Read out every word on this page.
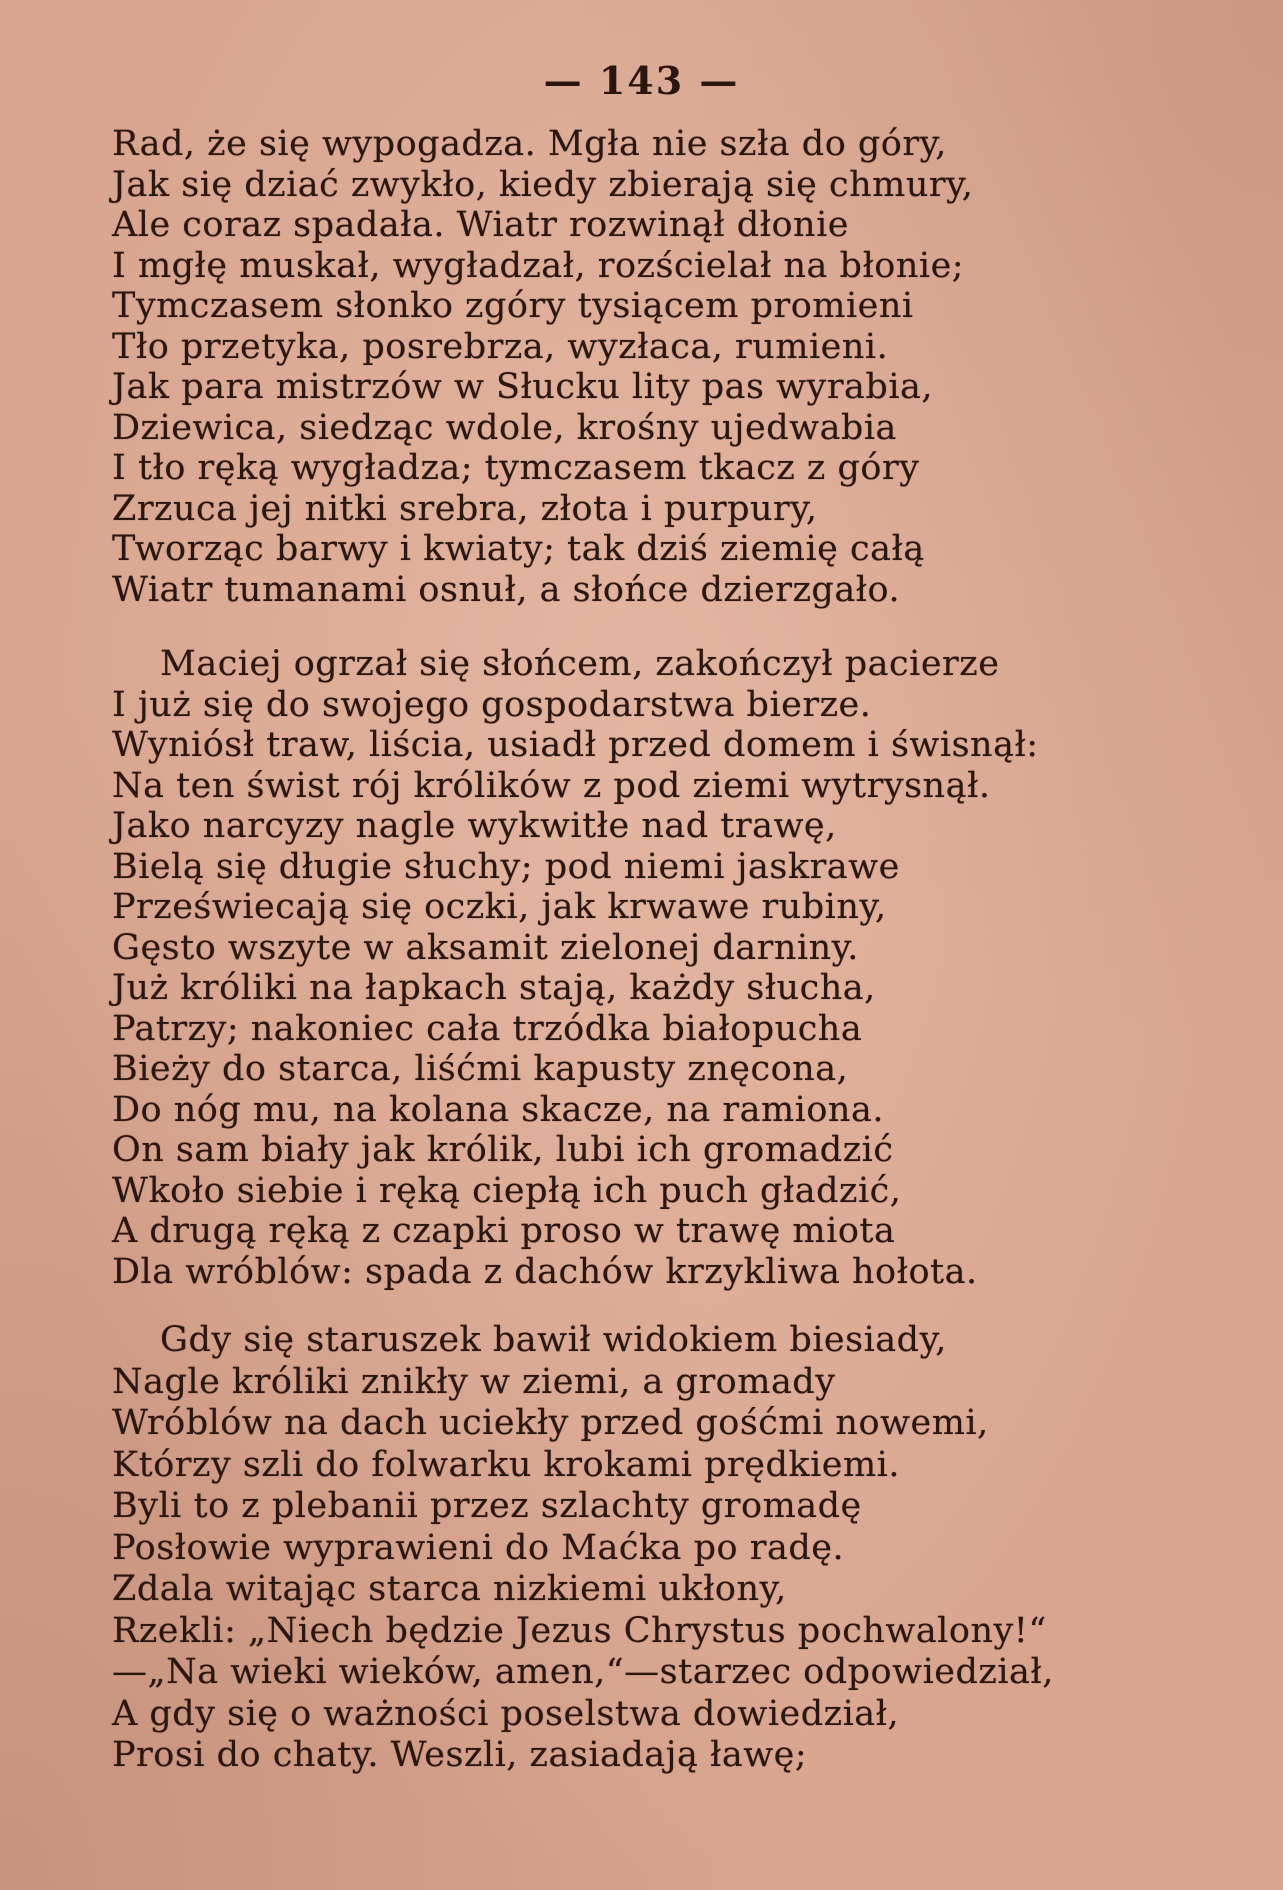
— 143 —
Rad, że się wypogadza. Mgła nie szła do góry,
Jak się dziać zwykło, kiedy zbierają się chmury,
Ale coraz spadała. Wiatr rozwinął dłonie
I mgłę muskał, wygładzał, rozścielał na błonie;
Tymczasem słonko zgóry tysiącem promieni
Tło przetyka, posrebrza, wyzłaca, rumieni.
Jak para mistrzów w Słucku lity pas wyrabia,
Dziewica, siedząc wdole, krośny ujedwabia
I tło ręką wygładza; tymczasem tkacz z góry
Zrzuca jej nitki srebra, złota i purpury,
Tworząc barwy i kwiaty; tak dziś ziemię całą
Wiatr tumanami osnuł, a słońce dzierzgało.
Maciej ogrzał się słońcem, zakończył pacierze
I już się do swojego gospodarstwa bierze.
Wyniósł traw, liścia, usiadł przed domem i świsnął:
Na ten świst rój królików z pod ziemi wytrysnął.
Jako narcyzy nagle wykwitłe nad trawę,
Bielą się długie słuchy; pod niemi jaskrawe
Przeświecają się oczki, jak krwawe rubiny,
Gęsto wszyte w aksamit zielonej darniny.
Już króliki na łapkach stają, każdy słucha,
Patrzy; nakoniec cała trzódka białopucha
Bieży do starca, liśćmi kapusty znęcona,
Do nóg mu, na kolana skacze, na ramiona.
On sam biały jak królik, lubi ich gromadzić
Wkoło siebie i ręką ciepłą ich puch gładzić,
A drugą ręką z czapki proso w trawę miota
Dla wróblów: spada z dachów krzykliwa hołota.
Gdy się staruszek bawił widokiem biesiady,
Nagle króliki znikły w ziemi, a gromady
Wróblów na dach uciekły przed gośćmi nowemi,
Którzy szli do folwarku krokami prędkiemi.
Byli to z plebanii przez szlachty gromadę
Posłowie wyprawieni do Maćka po radę.
Zdala witając starca nizkiemi ukłony,
Rzekli: „Niech będzie Jezus Chrystus pochwalony!“
—„Na wieki wieków, amen,“—starzec odpowiedział,
A gdy się o ważności poselstwa dowiedział,
Prosi do chaty. Weszli, zasiadają ławę;
